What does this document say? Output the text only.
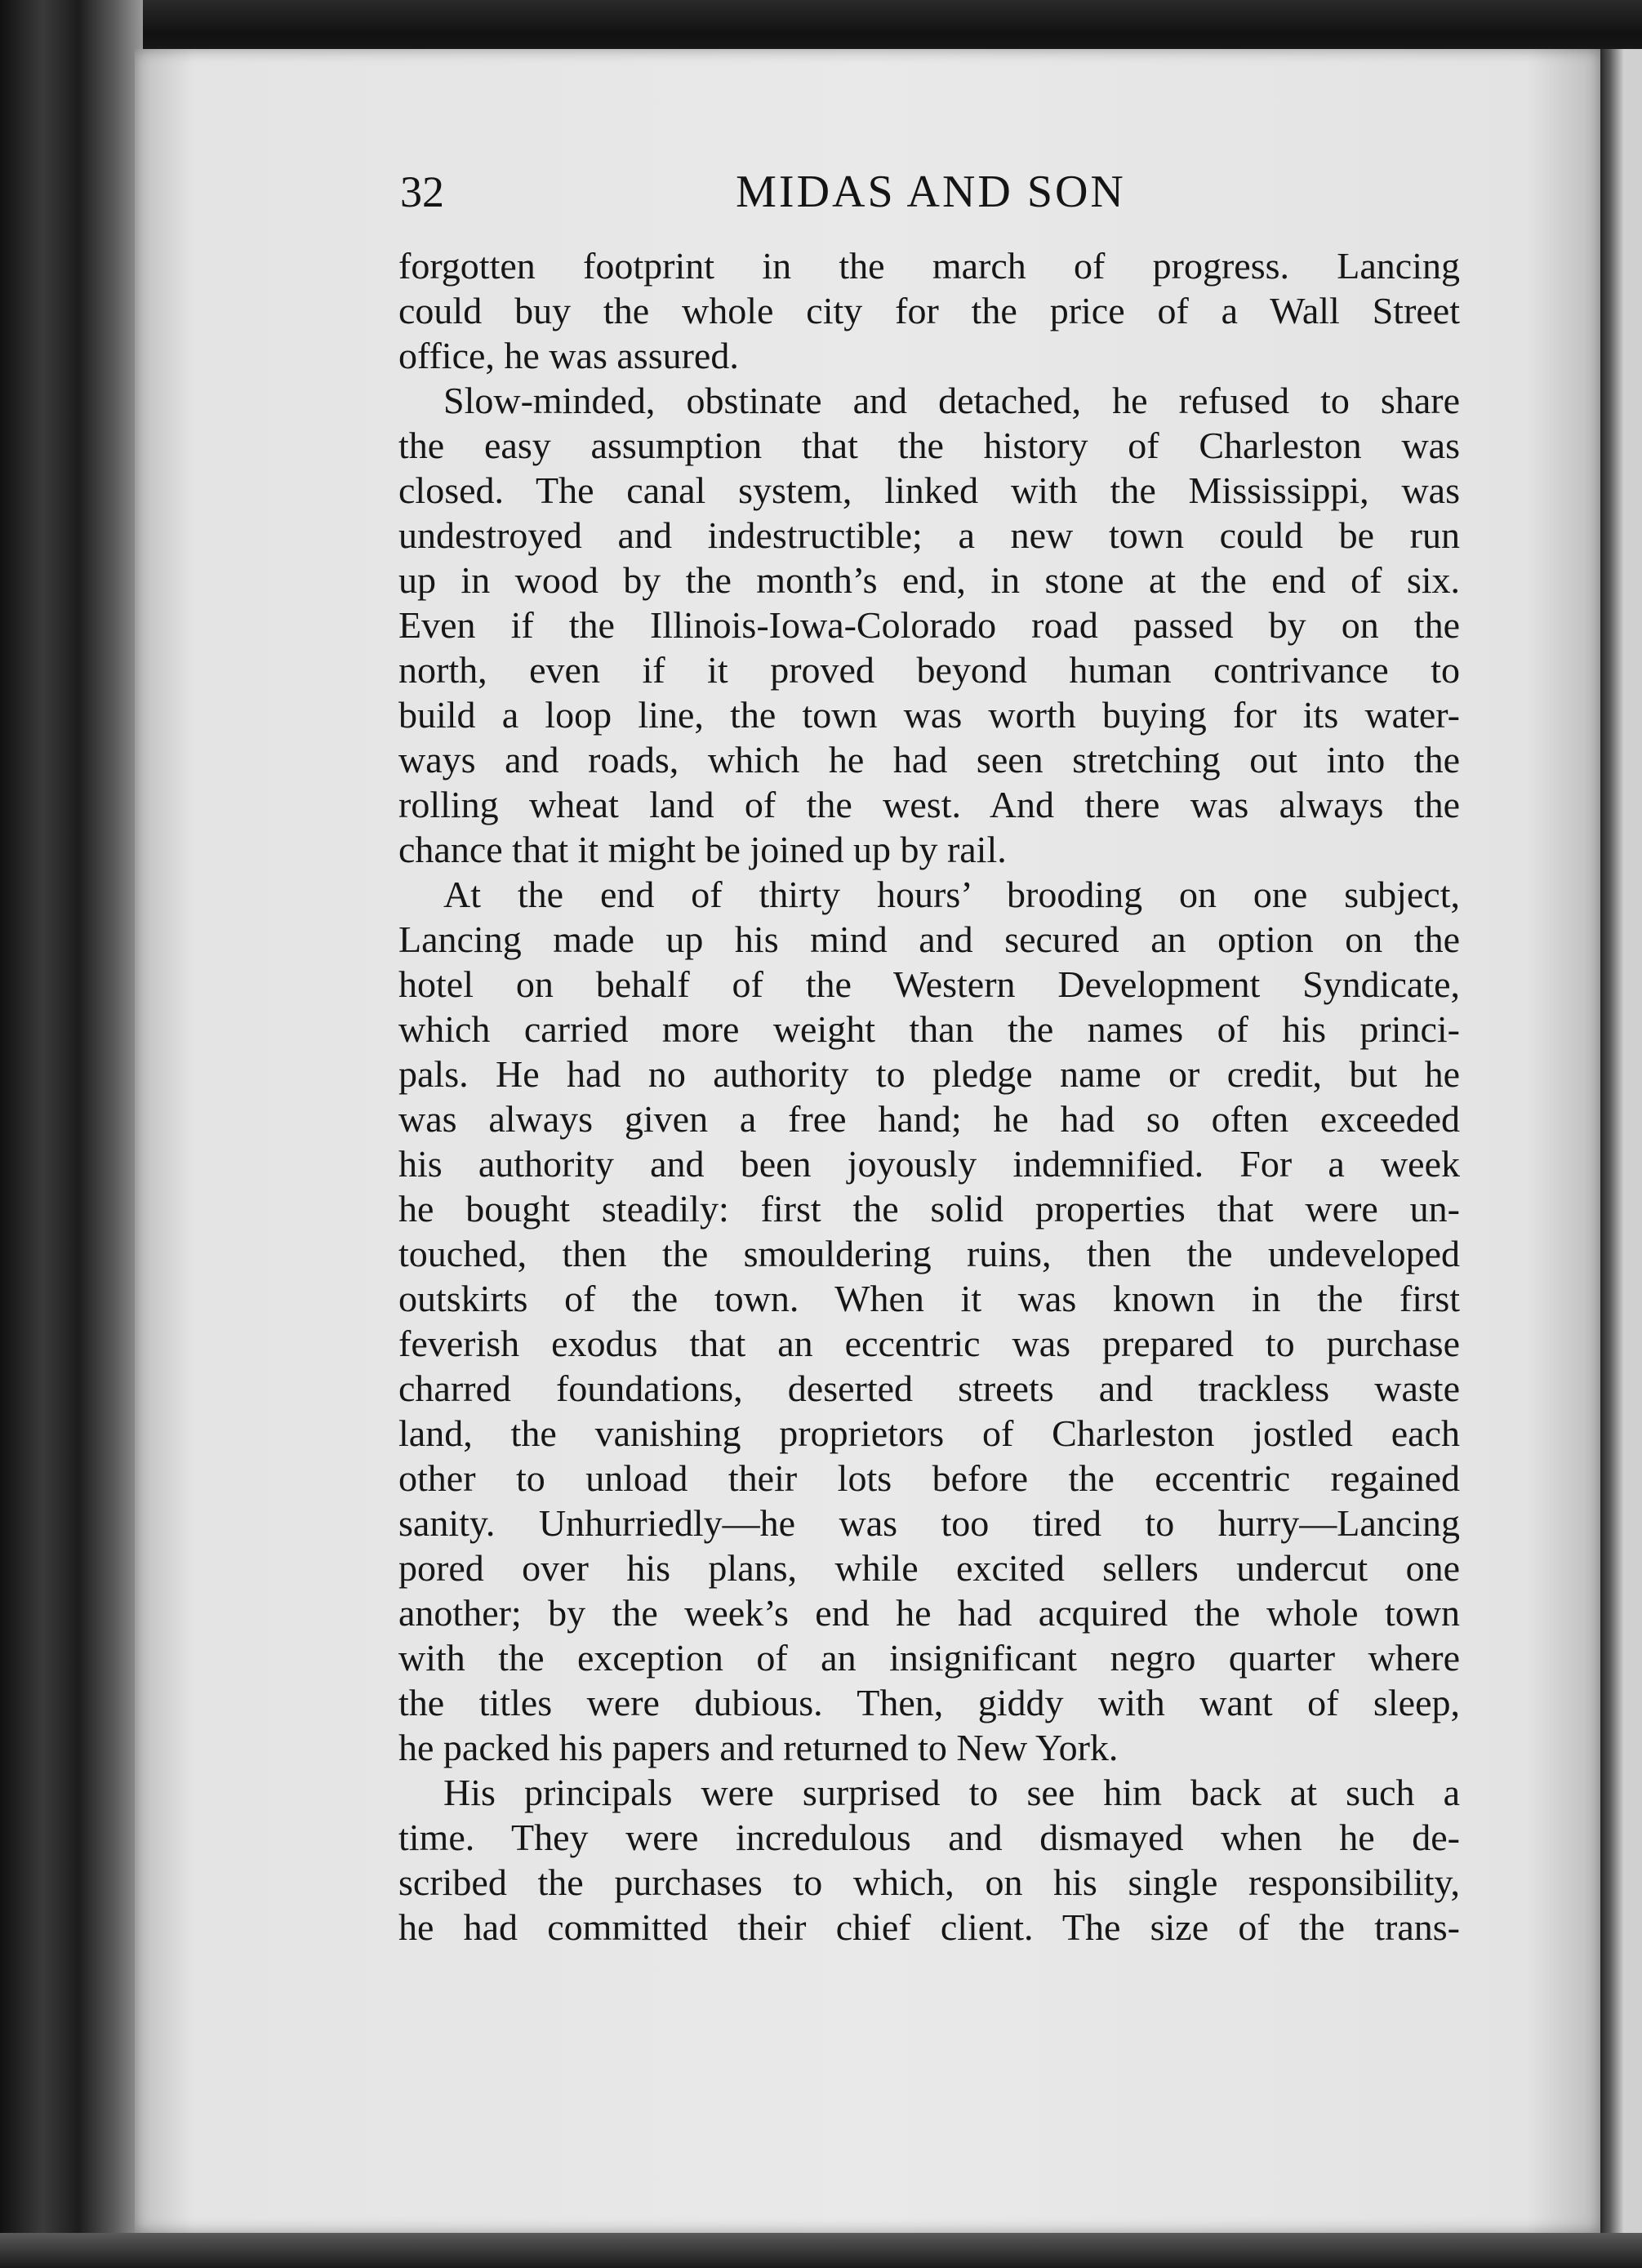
MIDAS AND SON
32
forgotten footprint in the march of progress. Lancing
could buy the whole city for the price of a Wall Street
office, he was assured.
Slow-minded, obstinate and detached, he refused to share
the easy assumption that the history of Charleston was
closed. The canal system, linked with the Mississippi, was
undestroyed and indestructible; a new town could be run
up in wood by the month’s end, in stone at the end of six.
Even if the Illinois-Iowa-Colorado road passed by on the
north, even if it proved beyond human contrivance to
build a loop line, the town was worth buying for its water-
ways and roads, which he had seen stretching out into the
rolling wheat land of the west. And there was always the
chance that it might be joined up by rail.
At the end of thirty hours’ brooding on one subject,
Lancing made up his mind and secured an option on the
hotel on behalf of the Western Development Syndicate,
which carried more weight than the names of his princi-
pals. He had no authority to pledge name or credit, but he
was always given a free hand; he had so often exceeded
his authority and been joyously indemnified. For a week
he bought steadily: first the solid properties that were un-
touched, then the smouldering ruins, then the undeveloped
outskirts of the town. When it was known in the first
feverish exodus that an eccentric was prepared to purchase
charred foundations, deserted streets and trackless waste
land, the vanishing proprietors of Charleston jostled each
other to unload their lots before the eccentric regained
sanity. Unhurriedly—he was too tired to hurry—Lancing
pored over his plans, while excited sellers undercut one
another; by the week’s end he had acquired the whole town
with the exception of an insignificant negro quarter where
the titles were dubious. Then, giddy with want of sleep,
he packed his papers and returned to New York.
His principals were surprised to see him back at such a
time. They were incredulous and dismayed when he de-
scribed the purchases to which, on his single responsibility,
he had committed their chief client. The size of the trans-
